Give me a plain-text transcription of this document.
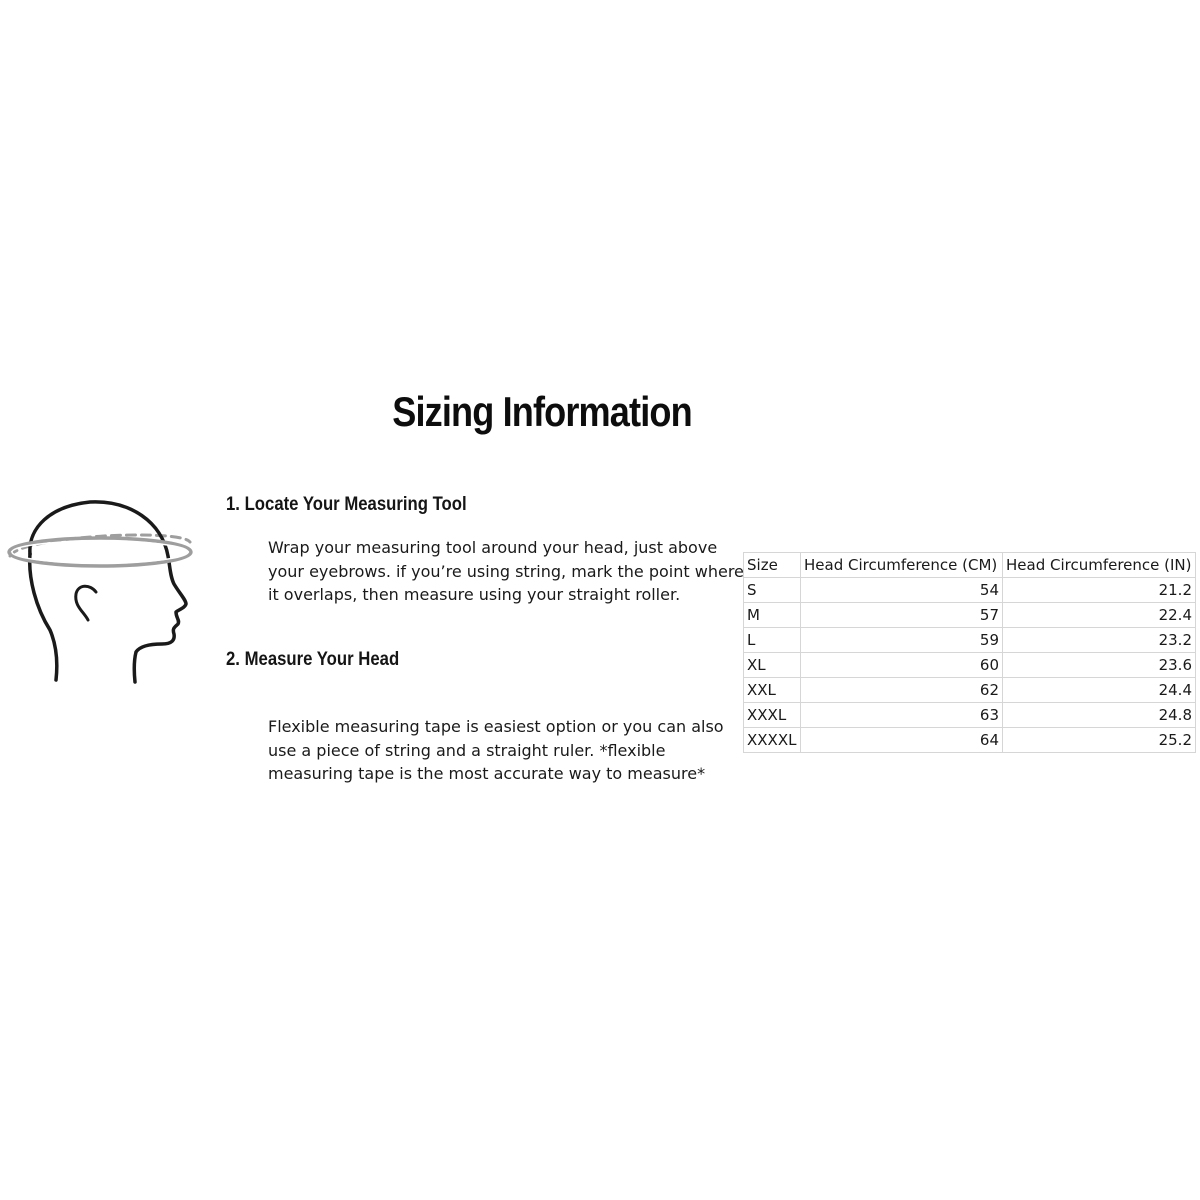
Sizing Information
1. Locate Your Measuring Tool
Wrap your measuring tool around your head, just above your eyebrows. if you’re using string, mark the point where it overlaps, then measure using your straight roller.
2. Measure Your Head
Flexible measuring tape is easiest option or you can also use a piece of string and a straight ruler. *flexible measuring tape is the most accurate way to measure*
Size	Head Circumference (CM)	Head Circumference (IN)
S	54	21.2
M	57	22.4
L	59	23.2
XL	60	23.6
XXL	62	24.4
XXXL	63	24.8
XXXXL	64	25.2
